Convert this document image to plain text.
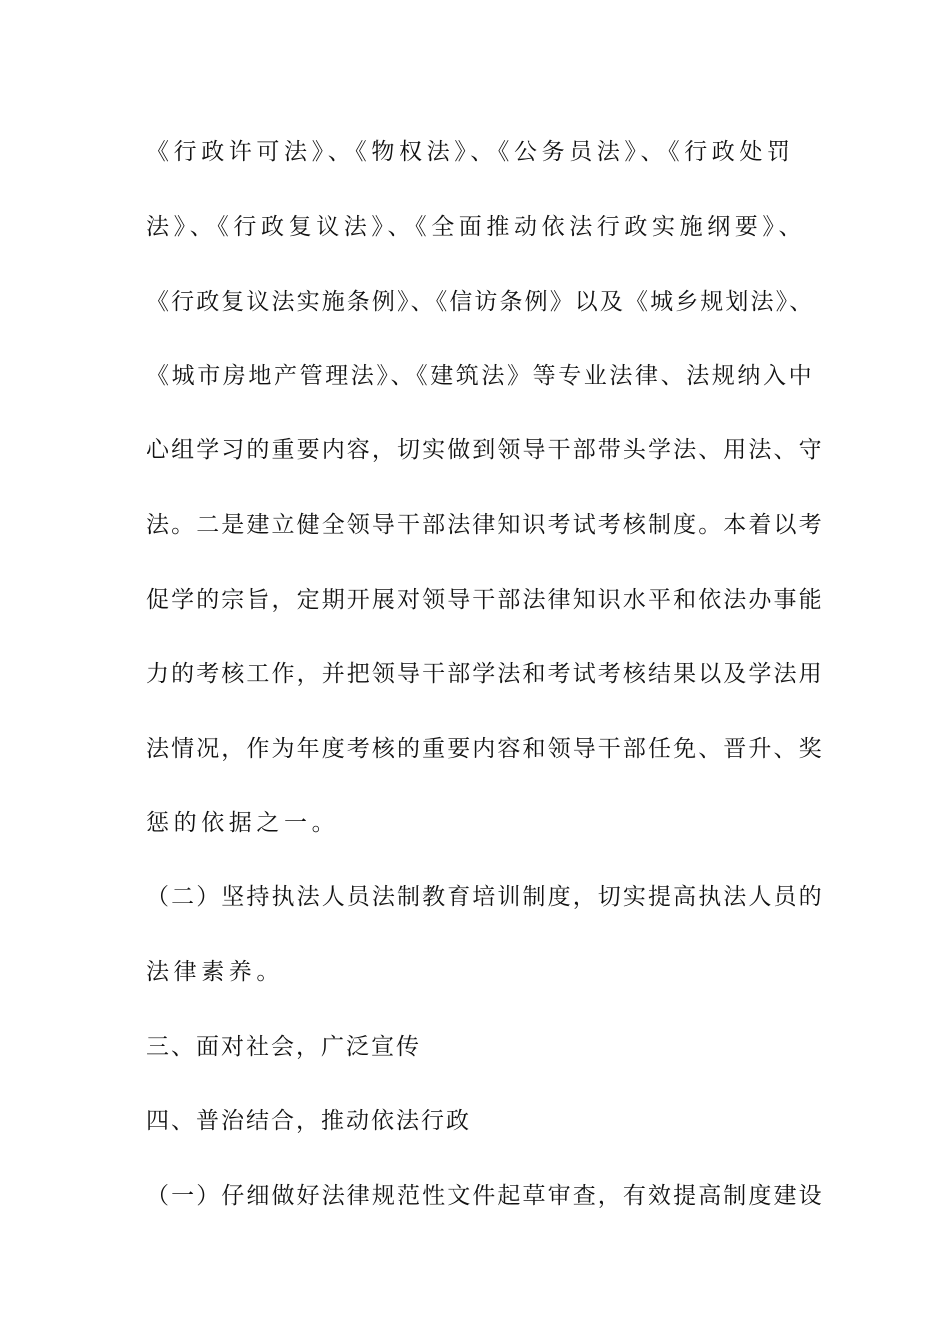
《行政许可法》、《物权法》、《公务员法》、《行政处罚
法》、《行政复议法》、《全面推动依法行政实施纲要》、
《行政复议法实施条例》、《信访条例》以及《城乡规划法》、
《城市房地产管理法》、《建筑法》等专业法律、法规纳入中
心组学习的重要内容，切实做到领导干部带头学法、用法、守
法。二是建立健全领导干部法律知识考试考核制度。本着以考
促学的宗旨，定期开展对领导干部法律知识水平和依法办事能
力的考核工作，并把领导干部学法和考试考核结果以及学法用
法情况，作为年度考核的重要内容和领导干部任免、晋升、奖
惩的依据之一。
（二）坚持执法人员法制教育培训制度，切实提高执法人员的
法律素养。
三、面对社会，广泛宣传
四、普治结合，推动依法行政
（一）仔细做好法律规范性文件起草审查，有效提高制度建设
